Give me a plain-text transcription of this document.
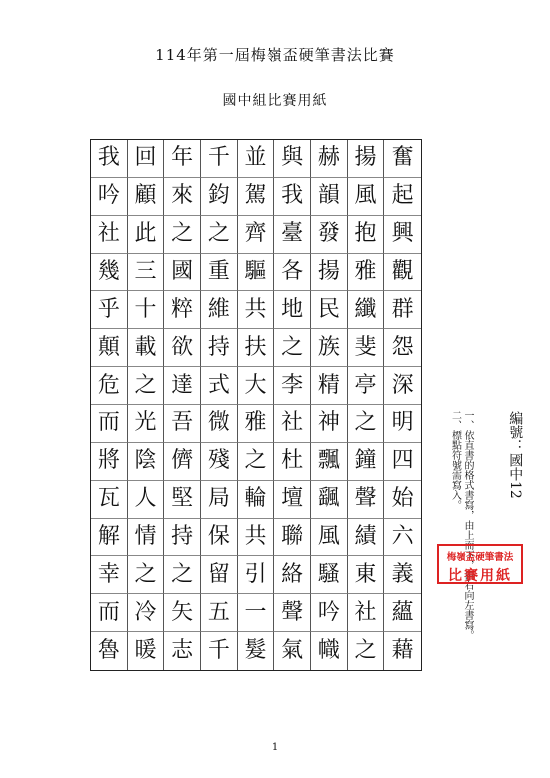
114年第一屆梅嶺盃硬筆書法比賽
國中組比賽用紙
我 回 年 千 並 與 赫 揚 奮
吟 顧 來 鈞 駕 我 韻 風 起
社 此 之 之 齊 臺 發 抱 興
幾 三 國 重 驅 各 揚 雅 觀
乎 十 粹 維 共 地 民 纖 群
顛 載 欲 持 扶 之 族 斐 怨
危 之 達 式 大 李 精 亭 深
而 光 吾 微 雅 社 神 之 明
將 陰 儕 殘 之 杜 飄 鐘 四
瓦 人 堅 局 輪 壇 颻 聲 始
解 情 持 保 共 聯 風 績 六
幸 之 之 留 引 絡 騷 東 義
而 冷 矢 五 一 聲 吟 社 蘊
魯 暖 志 千 髮 氣 幟 之 藉
編號：國中12
一、依直書的格式書寫，由上而下，由右向左書寫。
二、標點符號需寫入。
梅嶺盃硬筆書法
比賽用紙
1
